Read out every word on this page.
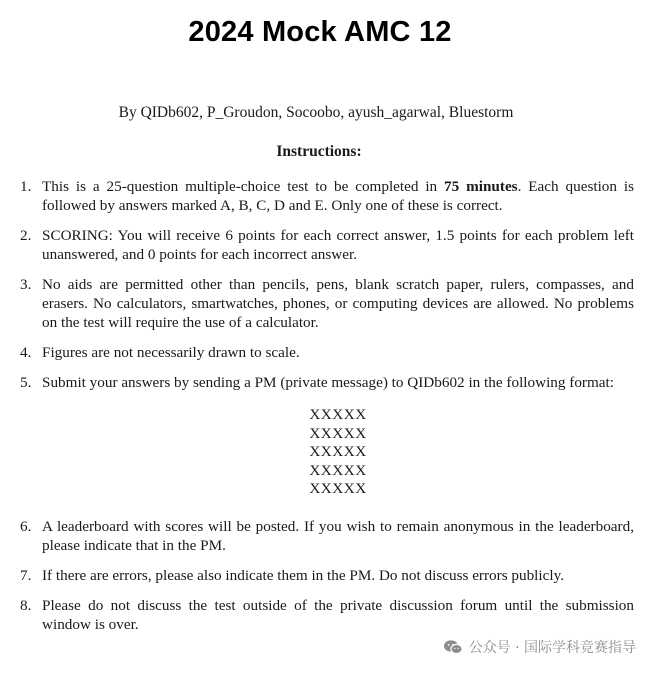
2024 Mock AMC 12
By QIDb602, P_Groudon, Socoobo, ayush_agarwal, Bluestorm
Instructions:
1. This is a 25-question multiple-choice test to be completed in 75 minutes. Each question is followed by answers marked A, B, C, D and E. Only one of these is correct.
2. SCORING: You will receive 6 points for each correct answer, 1.5 points for each problem left unanswered, and 0 points for each incorrect answer.
3. No aids are permitted other than pencils, pens, blank scratch paper, rulers, compasses, and erasers. No calculators, smartwatches, phones, or computing devices are allowed. No problems on the test will require the use of a calculator.
4. Figures are not necessarily drawn to scale.
5. Submit your answers by sending a PM (private message) to QIDb602 in the following format:
XXXXX
XXXXX
XXXXX
XXXXX
XXXXX
6. A leaderboard with scores will be posted. If you wish to remain anonymous in the leaderboard, please indicate that in the PM.
7. If there are errors, please also indicate them in the PM. Do not discuss errors publicly.
8. Please do not discuss the test outside of the private discussion forum until the submission window is over.
公众号 · 国际学科竞赛指导
